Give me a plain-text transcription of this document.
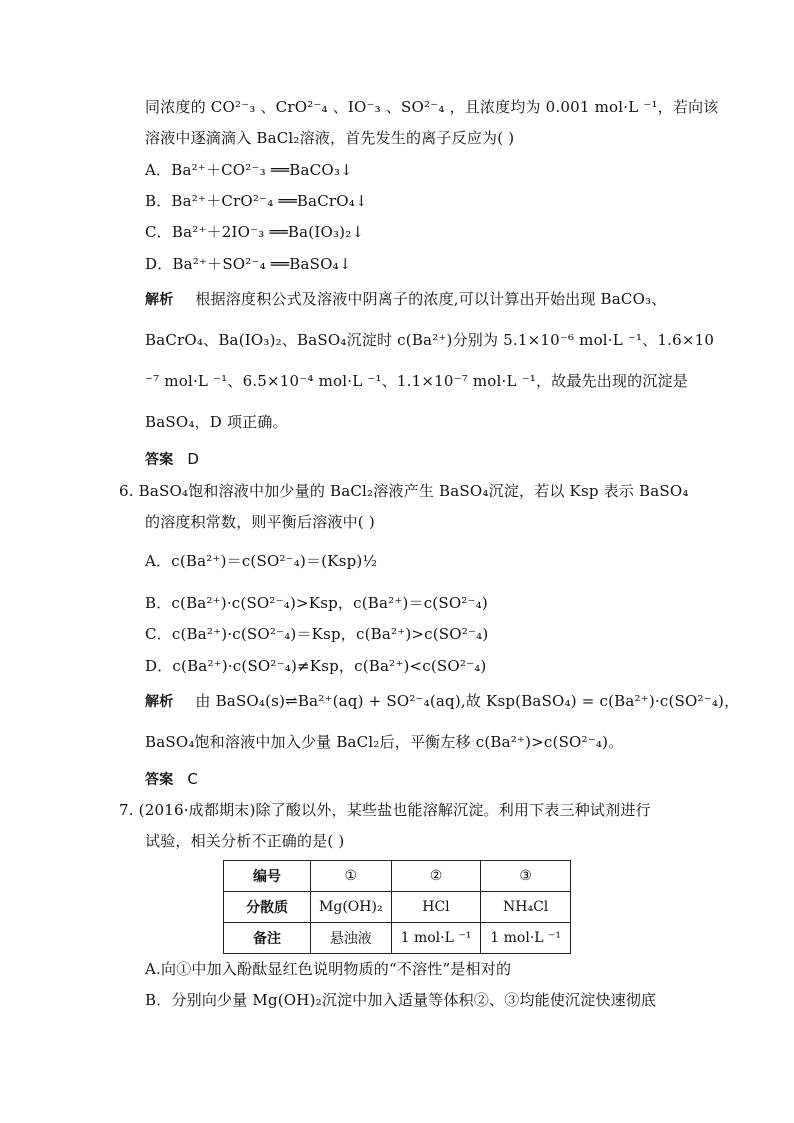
同浓度的 CO²⁻₃ 、CrO²⁻₄ 、IO⁻₃ 、SO²⁻₄ ，且浓度均为 0.001 mol·L ⁻¹，若向该
溶液中逐滴滴入 BaCl₂溶液，首先发生的离子反应为( )
A．Ba²⁺＋CO²⁻₃ ══BaCO₃↓
B．Ba²⁺＋CrO²⁻₄ ══BaCrO₄↓
C．Ba²⁺＋2IO⁻₃ ══Ba(IO₃)₂↓
D．Ba²⁺＋SO²⁻₄ ══BaSO₄↓
解析 根据溶度积公式及溶液中阴离子的浓度,可以计算出开始出现 BaCO₃、
BaCrO₄、Ba(IO₃)₂、BaSO₄沉淀时 c(Ba²⁺)分别为 5.1×10⁻⁶ mol·L ⁻¹、1.6×10
⁻⁷ mol·L ⁻¹、6.5×10⁻⁴ mol·L ⁻¹、1.1×10⁻⁷ mol·L ⁻¹，故最先出现的沉淀是
BaSO₄，D 项正确。
答案 D
6. BaSO₄饱和溶液中加少量的 BaCl₂溶液产生 BaSO₄沉淀，若以 Ksp 表示 BaSO₄
的溶度积常数，则平衡后溶液中( )
A．c(Ba²⁺)＝c(SO²⁻₄)＝(Ksp)½
B．c(Ba²⁺)·c(SO²⁻₄)>Ksp，c(Ba²⁺)＝c(SO²⁻₄)
C．c(Ba²⁺)·c(SO²⁻₄)＝Ksp，c(Ba²⁺)>c(SO²⁻₄)
D．c(Ba²⁺)·c(SO²⁻₄)≠Ksp，c(Ba²⁺)<c(SO²⁻₄)
解析 由 BaSO₄(s)⇌Ba²⁺(aq) + SO²⁻₄(aq),故 Ksp(BaSO₄) = c(Ba²⁺)·c(SO²⁻₄)，
BaSO₄饱和溶液中加入少量 BaCl₂后，平衡左移 c(Ba²⁺)>c(SO²⁻₄)。
答案 C
7. (2016·成都期末)除了酸以外，某些盐也能溶解沉淀。利用下表三种试剂进行
试验，相关分析不正确的是( )
编号	①	②	③
分散质	Mg(OH)₂	HCl	NH₄Cl
备注	悬浊液	1 mol·L ⁻¹	1 mol·L ⁻¹
A.向①中加入酚酞显红色说明物质的“不溶性”是相对的
B．分别向少量 Mg(OH)₂沉淀中加入适量等体积②、③均能使沉淀快速彻底
